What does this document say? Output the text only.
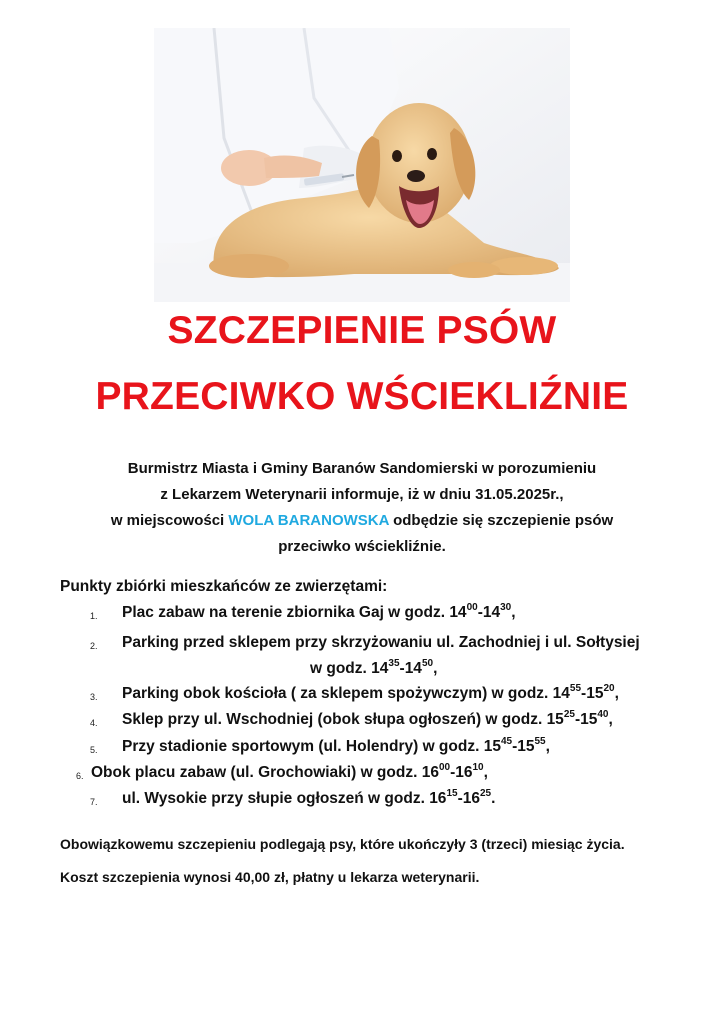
SZCZEPIENIE PSÓW
PRZECIWKO WŚCIEKLIŹNIE
Burmistrz Miasta i Gminy Baranów Sandomierski w porozumieniu
z Lekarzem Weterynarii informuje, iż w dniu 31.05.2025r.,
w miejscowości WOLA BARANOWSKA odbędzie się szczepienie psów
przeciwko wściekliźnie.
Punkty zbiórki mieszkańców ze zwierzętami:
1. Plac zabaw na terenie zbiornika Gaj w godz. $14^{00}-14^{30}$,
2. Parking przed sklepem przy skrzyżowaniu ul. Zachodniej i ul. Sołtysiej
w godz. $14^{35}-14^{50}$,
3. Parking obok kościoła ( za sklepem spożywczym) w godz. $14^{55}-15^{20}$,
4. Sklep przy ul. Wschodniej (obok słupa ogłoszeń) w godz. $15^{25}-15^{40}$,
5. Przy stadionie sportowym (ul. Holendry) w godz. $15^{45}-15^{55}$,
6. Obok placu zabaw (ul. Grochowiaki) w godz. $16^{00}-16^{10}$,
7. ul. Wysokie przy słupie ogłoszeń w godz. $16^{15}-16^{25}$.
Obowiązkowemu szczepieniu podlegają psy, które ukończyły 3 (trzeci) miesiąc życia.
Koszt szczepienia wynosi 40,00 zł, płatny u lekarza weterynarii.
